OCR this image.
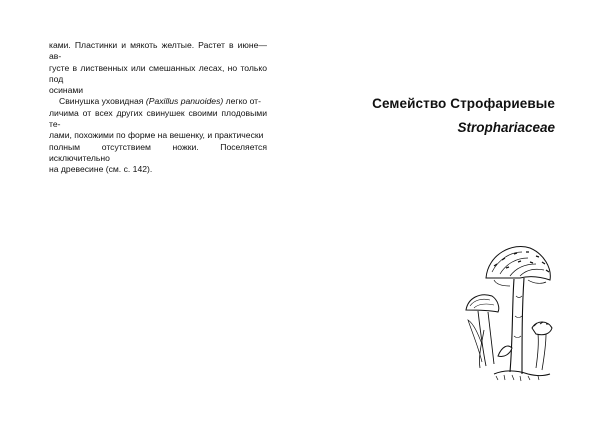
ками. Пластинки и мякоть желтые. Растет в июне—ав-

густе в лиственных или смешанных лесах, но только под

осинами

Свинушка уховидная (Paxillus panuoides) легко от-

личима от всех других свинушек своими плодовыми те-

лами, похожими по форме на вешенку, и практически

полным отсутствием ножки. Поселяется исключительно

на древесине (см. с. 142).

Семейство Строфариевые
Strophariaceae
